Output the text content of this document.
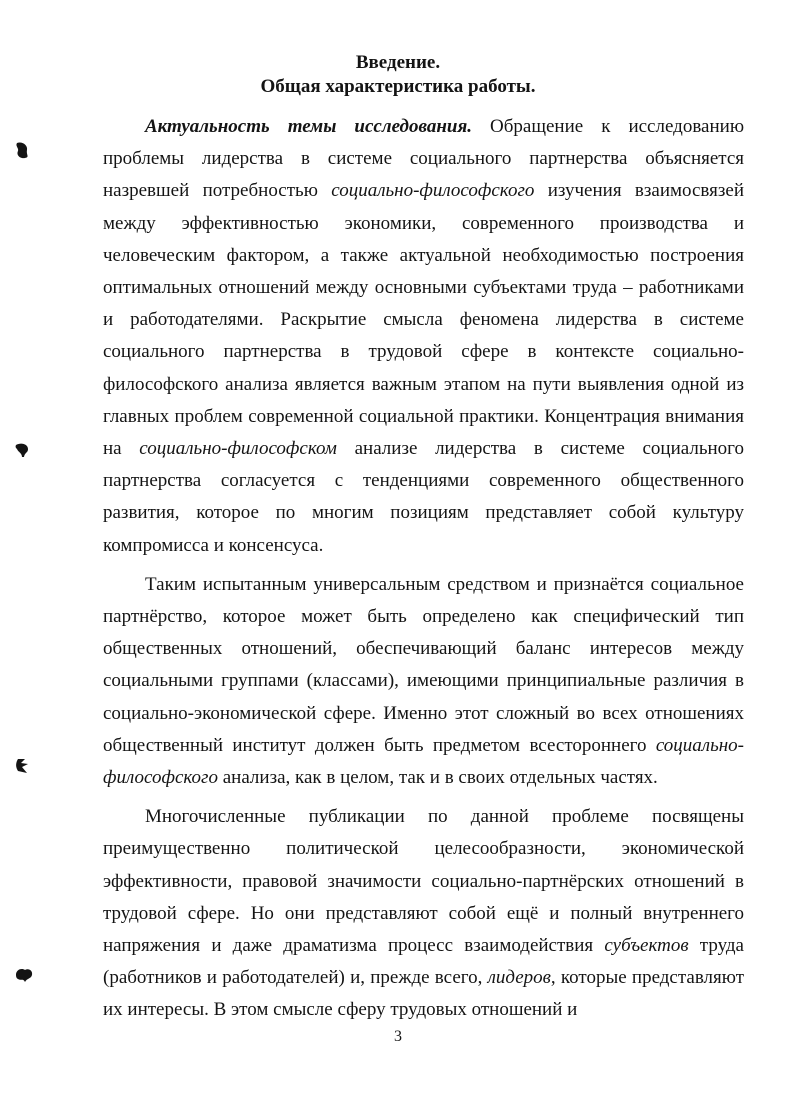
Введение.
Общая характеристика работы.

Актуальность темы исследования. Обращение к исследованию проблемы лидерства в системе социального партнерства объясняется назревшей потребностью социально-философского изучения взаимосвязей между эффективностью экономики, современного производства и человеческим фактором, а также актуальной необходимостью построения оптимальных отношений между основными субъектами труда – работниками и работодателями. Раскрытие смысла феномена лидерства в системе социального партнерства в трудовой сфере в контексте социально-философского анализа является важным этапом на пути выявления одной из главных проблем современной социальной практики. Концентрация внимания на социально-философском анализе лидерства в системе социального партнерства согласуется с тенденциями современного общественного развития, которое по многим позициям представляет собой культуру компромисса и консенсуса.

Таким испытанным универсальным средством и признаётся социальное партнёрство, которое может быть определено как специфический тип общественных отношений, обеспечивающий баланс интересов между социальными группами (классами), имеющими принципиальные различия в социально-экономической сфере. Именно этот сложный во всех отношениях общественный институт должен быть предметом всестороннего социально-философского анализа, как в целом, так и в своих отдельных частях.

Многочисленные публикации по данной проблеме посвящены преимущественно политической целесообразности, экономической эффективности, правовой значимости социально-партнёрских отношений в трудовой сфере. Но они представляют собой ещё и полный внутреннего напряжения и даже драматизма процесс взаимодействия субъектов труда (работников и работодателей) и, прежде всего, лидеров, которые представляют их интересы. В этом смысле сферу трудовых отношений и

3
